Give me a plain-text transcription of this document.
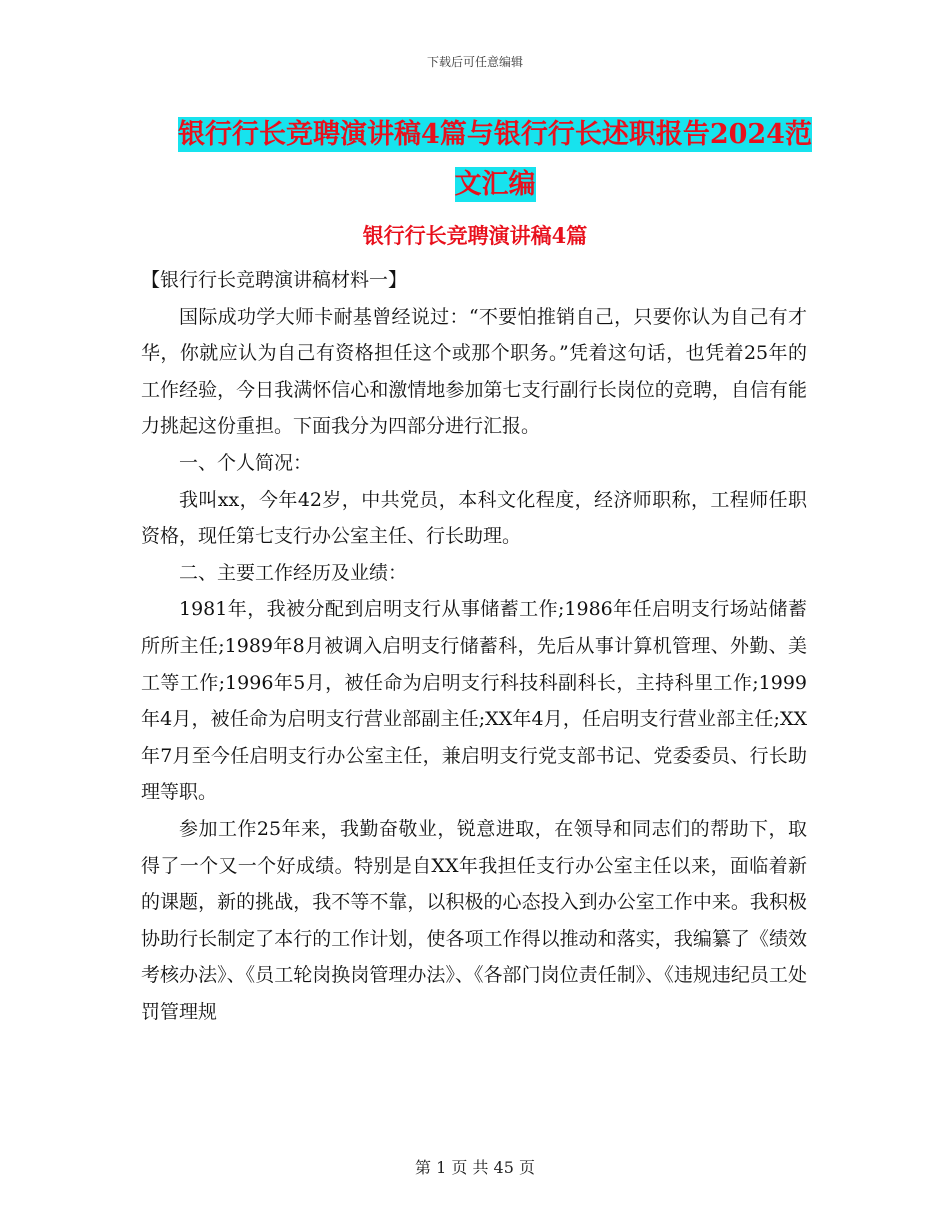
下载后可任意编辑
银行行长竞聘演讲稿4篇与银行行长述职报告2024范
文汇编
银行行长竞聘演讲稿4篇

【银行行长竞聘演讲稿材料一】

国际成功学大师卡耐基曾经说过：“不要怕推销自己，只要你认为自己有才华，你就应认为自己有资格担任这个或那个职务。”凭着这句话，也凭着25年的工作经验，今日我满怀信心和激情地参加第七支行副行长岗位的竞聘，自信有能力挑起这份重担。下面我分为四部分进行汇报。

一、个人简况：

我叫xx，今年42岁，中共党员，本科文化程度，经济师职称，工程师任职资格，现任第七支行办公室主任、行长助理。

二、主要工作经历及业绩：

1981年，我被分配到启明支行从事储蓄工作;1986年任启明支行场站储蓄所所主任;1989年8月被调入启明支行储蓄科，先后从事计算机管理、外勤、美工等工作;1996年5月，被任命为启明支行科技科副科长，主持科里工作;1999年4月，被任命为启明支行营业部副主任;XX年4月，任启明支行营业部主任;XX年7月至今任启明支行办公室主任，兼启明支行党支部书记、党委委员、行长助理等职。

参加工作25年来，我勤奋敬业，锐意进取，在领导和同志们的帮助下，取得了一个又一个好成绩。特别是自XX年我担任支行办公室主任以来，面临着新的课题，新的挑战，我不等不靠，以积极的心态投入到办公室工作中来。我积极协助行长制定了本行的工作计划，使各项工作得以推动和落实，我编纂了《绩效考核办法》、《员工轮岗换岗管理办法》、《各部门岗位责任制》、《违规违纪员工处罚管理规

第 1 页 共 45 页
